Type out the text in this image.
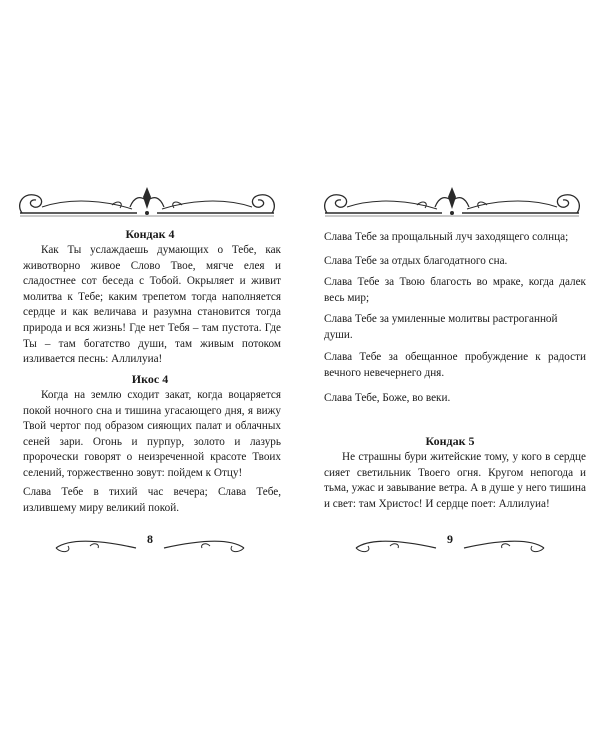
Кондак 4
Как Ты услаждаешь думающих о Тебе, как животворно живое Слово Твое, мягче елея и сладостнее сот беседа с Тобой. Окрыляет и живит молитва к Тебе; каким трепетом тогда наполняется сердце и как величава и разумна становится тогда природа и вся жизнь! Где нет Тебя – там пустота. Где Ты – там богатство души, там живым потоком изливается песнь: Аллилуиа!
Икос 4
Когда на землю сходит закат, когда воцаряется покой ночного сна и тишина угасающего дня, я вижу Твой чертог под образом сияющих палат и облачных сеней зари. Огонь и пурпур, золото и лазурь пророчески говорят о неизреченной красоте Твоих селений, торжественно зовут: пойдем к Отцу!
Слава Тебе в тихий час вечера; Слава Тебе, излившему миру великий покой.
8
Слава Тебе за прощальный луч заходящего солнца;
Слава Тебе за отдых благодатного сна.
Слава Тебе за Твою благость во мраке, когда далек весь мир;
Слава Тебе за умиленные молитвы растроганной души.
Слава Тебе за обещанное пробуждение к радости вечного невечернего дня.
Слава Тебе, Боже, во веки.
Кондак 5
Не страшны бури житейские тому, у кого в сердце сияет светильник Твоего огня. Кругом непогода и тьма, ужас и завывание ветра. А в душе у него тишина и свет: там Христос! И сердце поет: Аллилуиа!
9
